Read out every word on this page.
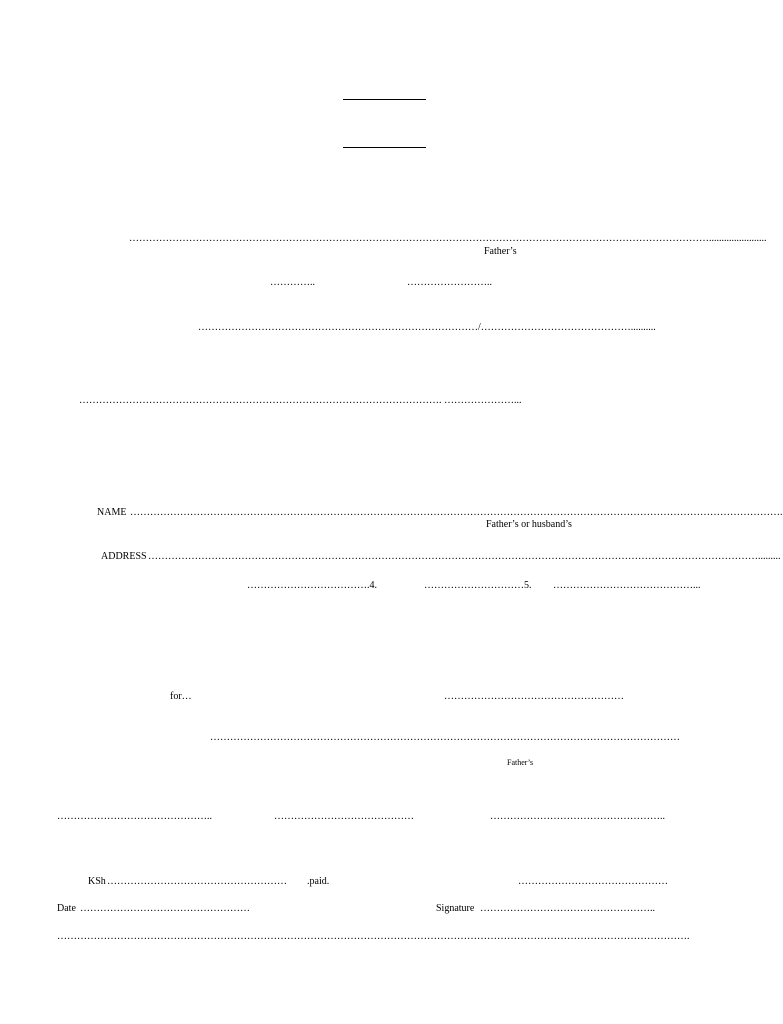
………………………………………………………………………………………………………………………………………………………….......................
Father’s
…………..	……………………..
…………………………………………………………………………/………………………………………..........
………………………………………………………………………………………………. …………………...
NAME …………………………………………………………………………………………………………………………………………………………………………….
Father’s or husband’s
ADDRESS ………………………………………………………………………………………………………………………………………………………………….........
……………………………….4.	…………………………5. ……………………………………...
for…	………………………………………………
……………………………………………………………………………………………………………………………
Father’s
………………………………………..	……………………………………	……………………………………………..
KSh ……………………………………………… .paid.	………………………………………
Date ……………………………………………	Signature ……………………………………………..
……………………………………………………………………………………………………………………………………………………………………….
